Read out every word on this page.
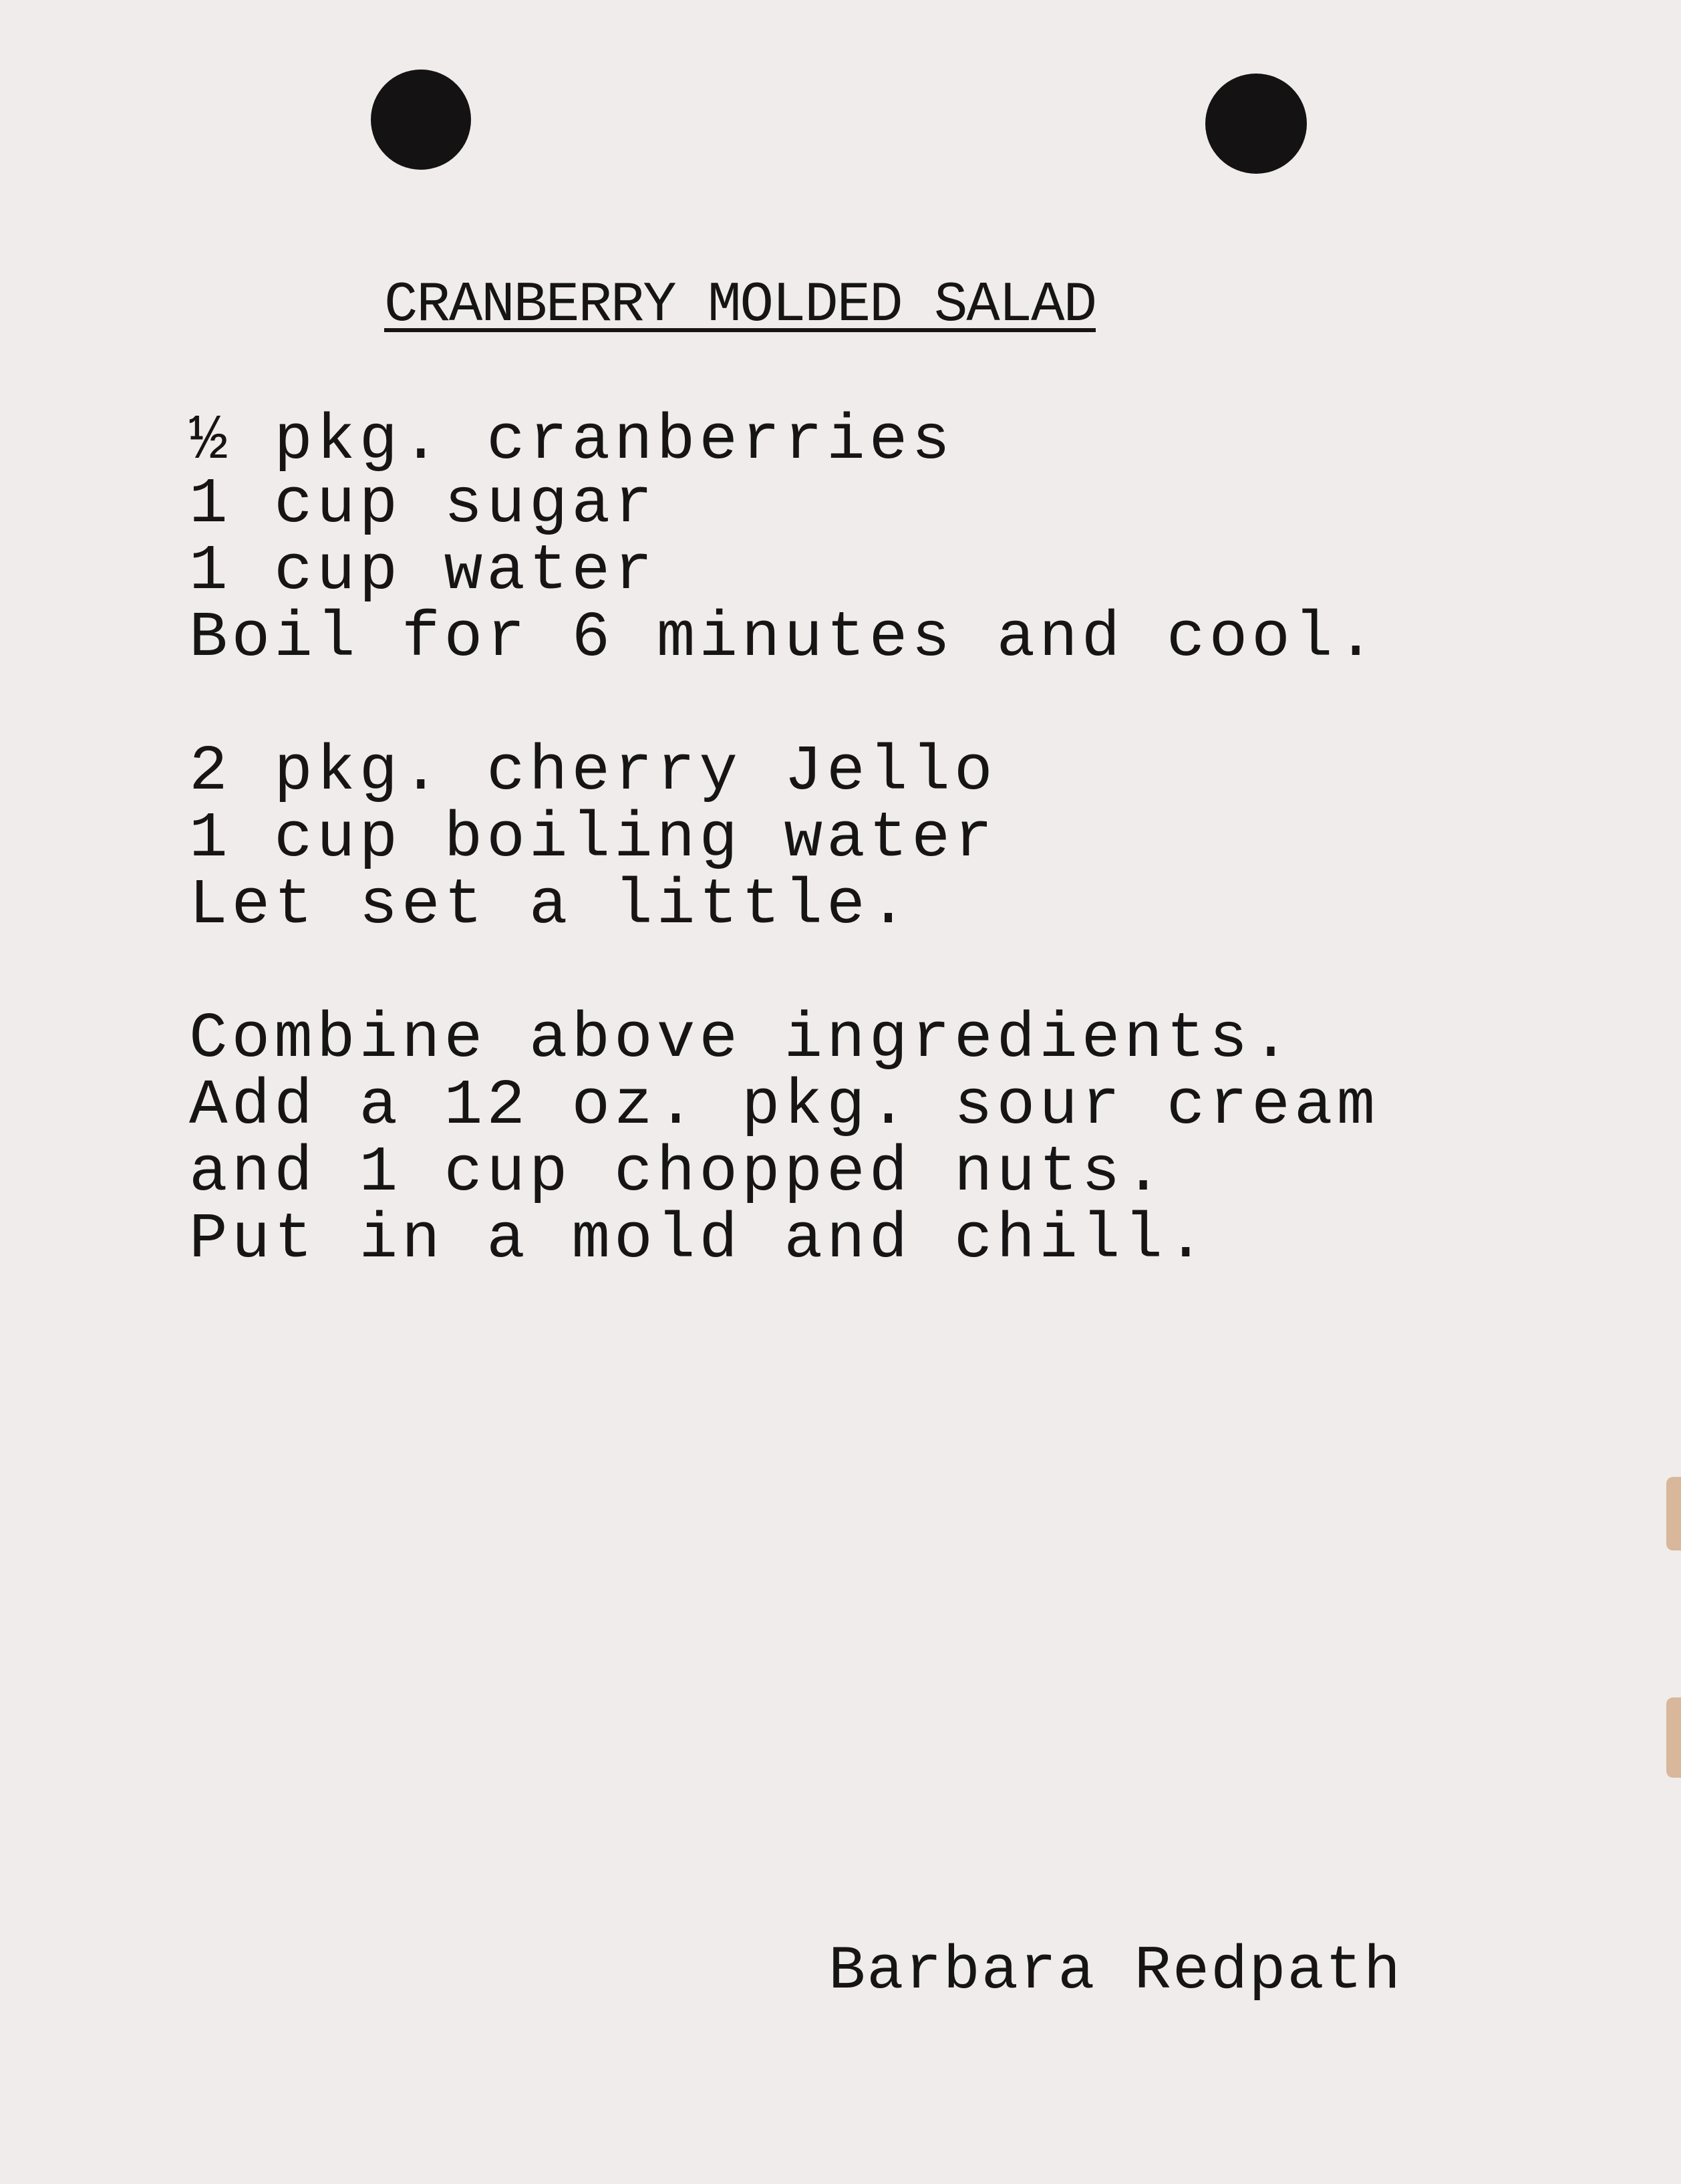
CRANBERRY MOLDED SALAD
½ pkg. cranberries
1 cup sugar
1 cup water
Boil for 6 minutes and cool.
2 pkg. cherry Jello
1 cup boiling water
Let set a little.
Combine above ingredients.
Add a 12 oz. pkg. sour cream
and 1 cup chopped nuts.
Put in a mold and chill.
Barbara Redpath
